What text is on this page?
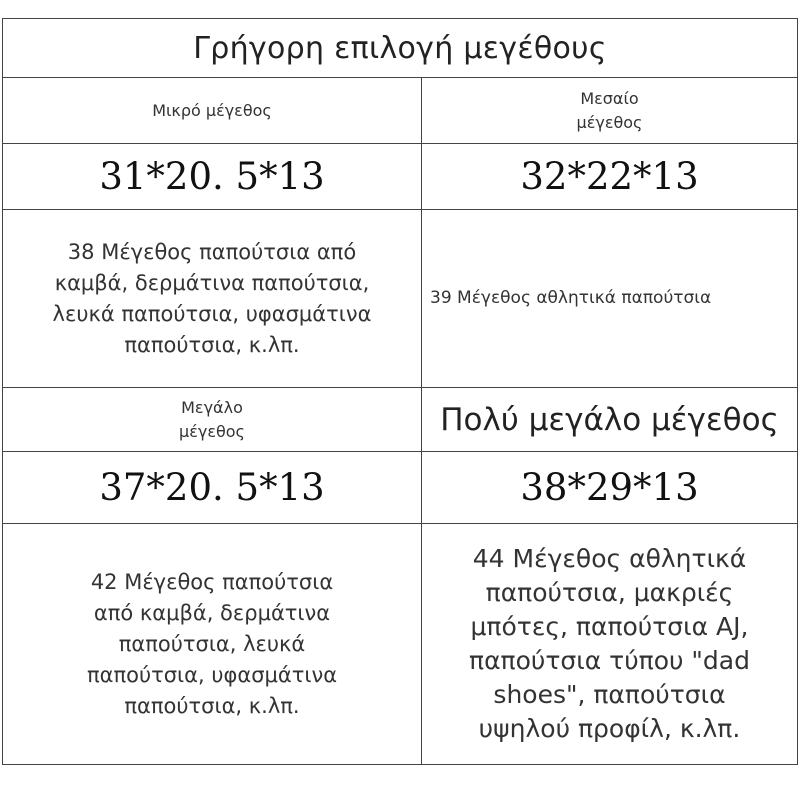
Γρήγορη επιλογή μεγέθους	
Μικρό μέγεθος	Μεσαίο μέγεθος
31*20. 5*13	32*22*13
38 Μέγεθος παπούτσια από καμβά, δερμάτινα παπούτσια, λευκά παπούτσια, υφασμάτινα παπούτσια, κ.λπ.	39 Μέγεθος αθλητικά παπούτσια
Μεγάλο μέγεθος	Πολύ μεγάλο μέγεθος
37*20. 5*13	38*29*13
42 Μέγεθος παπούτσια από καμβά, δερμάτινα παπούτσια, λευκά παπούτσια, υφασμάτινα παπούτσια, κ.λπ.	44 Μέγεθος αθλητικά παπούτσια, μακριές μπότες, παπούτσια AJ, παπούτσια τύπου "dad shoes", παπούτσια υψηλού προφίλ, κ.λπ.
